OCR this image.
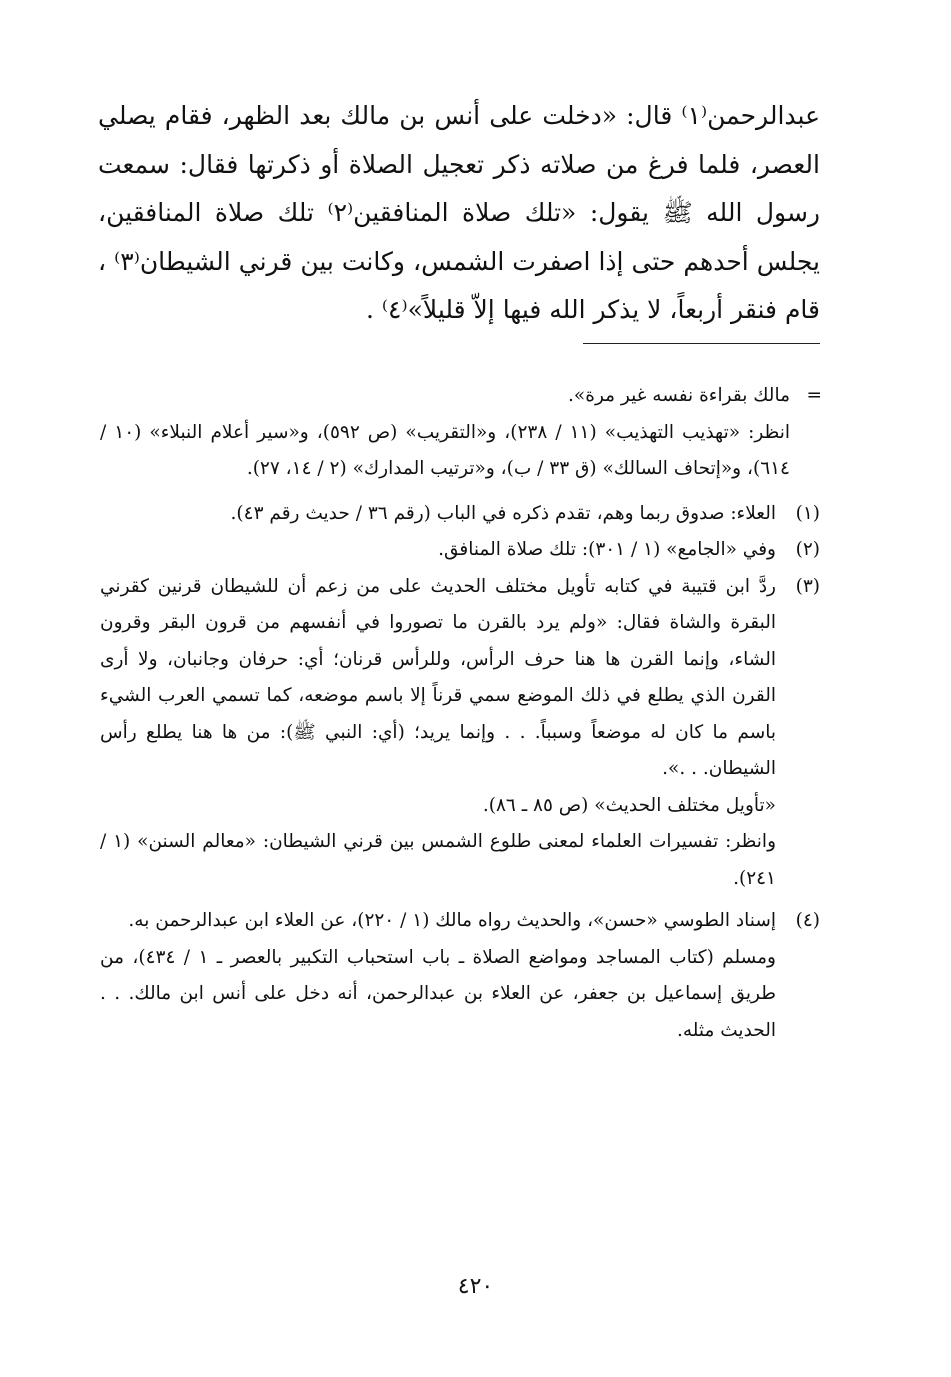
عبدالرحمن⁽١⁾ قال: «دخلت على أنس بن مالك بعد الظهر، فقام يصلي العصر، فلما فرغ من صلاته ذكر تعجيل الصلاة أو ذكرتها فقال: سمعت رسول الله ﷺ يقول: «تلك صلاة المنافقين⁽٢⁾ تلك صلاة المنافقين، يجلس أحدهم حتى إذا اصفرت الشمس، وكانت بين قرني الشيطان⁽٣⁾ ، قام فنقر أربعاً، لا يذكر الله فيها إلاّ قليلاً»⁽٤⁾ .

=

مالك بقراءة نفسه غير مرة».

انظر: «تهذيب التهذيب» (١١ / ٢٣٨)، و«التقريب» (ص ٥٩٢)، و«سير أعلام النبلاء» (١٠ / ٦١٤)، و«إتحاف السالك» (ق ٣٣ / ب)، و«ترتيب المدارك» (٢ / ١٤، ٢٧).

(١)

العلاء: صدوق ربما وهم، تقدم ذكره في الباب (رقم ٣٦ / حديث رقم ٤٣).

(٢)

وفي «الجامع» (١ / ٣٠١): تلك صلاة المنافق.

(٣)

ردَّ ابن قتيبة في كتابه تأويل مختلف الحديث على من زعم أن للشيطان قرنين كقرني البقرة والشاة فقال: «ولم يرد بالقرن ما تصوروا في أنفسهم من قرون البقر وقرون الشاء، وإنما القرن ها هنا حرف الرأس، وللرأس قرنان؛ أي: حرفان وجانبان، ولا أرى القرن الذي يطلع في ذلك الموضع سمي قرناً إلا باسم موضعه، كما تسمي العرب الشيء باسم ما كان له موضعاً وسبباً. . . وإنما يريد؛ (أي: النبي ﷺ): من ها هنا يطلع رأس الشيطان. . .».

«تأويل مختلف الحديث» (ص ٨٥ ـ ٨٦).

وانظر: تفسيرات العلماء لمعنى طلوع الشمس بين قرني الشيطان: «معالم السنن» (١ / ٢٤١).

(٤)

إسناد الطوسي «حسن»، والحديث رواه مالك (١ / ٢٢٠)، عن العلاء ابن عبدالرحمن به.

ومسلم (كتاب المساجد ومواضع الصلاة ـ باب استحباب التكبير بالعصر ـ ١ / ٤٣٤)، من طريق إسماعيل بن جعفر، عن العلاء بن عبدالرحمن، أنه دخل على أنس ابن مالك. . . الحديث مثله.

٤٢٠
